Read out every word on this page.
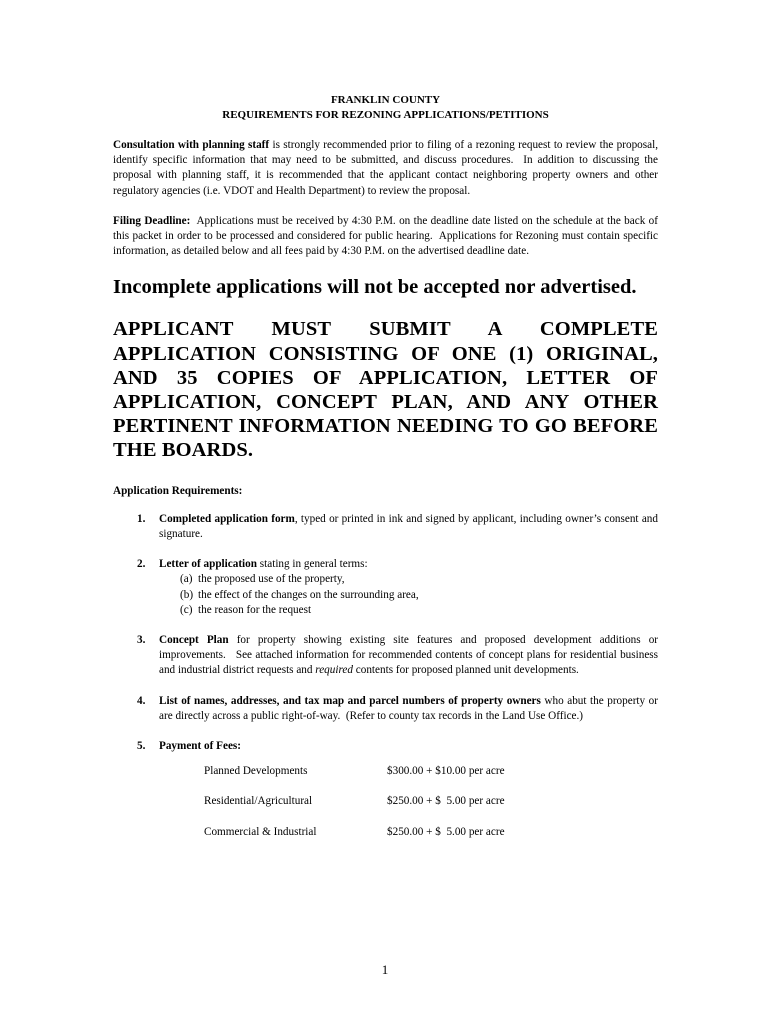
FRANKLIN COUNTY
REQUIREMENTS FOR REZONING APPLICATIONS/PETITIONS

Consultation with planning staff is strongly recommended prior to filing of a rezoning request to review the proposal, identify specific information that may need to be submitted, and discuss procedures.  In addition to discussing the proposal with planning staff, it is recommended that the applicant contact neighboring property owners and other regulatory agencies (i.e. VDOT and Health Department) to review the proposal.

Filing Deadline:  Applications must be received by 4:30 P.M. on the deadline date listed on the schedule at the back of this packet in order to be processed and considered for public hearing.  Applications for Rezoning must contain specific information, as detailed below and all fees paid by 4:30 P.M. on the advertised deadline date.

Incomplete applications will not be accepted nor advertised.

APPLICANT MUST SUBMIT A COMPLETE APPLICATION CONSISTING OF ONE (1) ORIGINAL, AND 35 COPIES OF APPLICATION, LETTER OF APPLICATION, CONCEPT PLAN, AND ANY OTHER PERTINENT INFORMATION NEEDING TO GO BEFORE THE BOARDS.

Application Requirements:

1. Completed application form, typed or printed in ink and signed by applicant, including owner’s consent and signature.
2. Letter of application stating in general terms:
(a) the proposed use of the property,
(b) the effect of the changes on the surrounding area,
(c) the reason for the request
3. Concept Plan for property showing existing site features and proposed development additions or improvements.   See attached information for recommended contents of concept plans for residential business and industrial district requests and required contents for proposed planned unit developments.
4. List of names, addresses, and tax map and parcel numbers of property owners who abut the property or are directly across a public right-of-way.  (Refer to county tax records in the Land Use Office.)
5. Payment of Fees:
Planned Developments	$300.00 + $10.00 per acre
Residential/Agricultural	$250.00 + $  5.00 per acre
Commercial & Industrial	$250.00 + $  5.00 per acre
1
